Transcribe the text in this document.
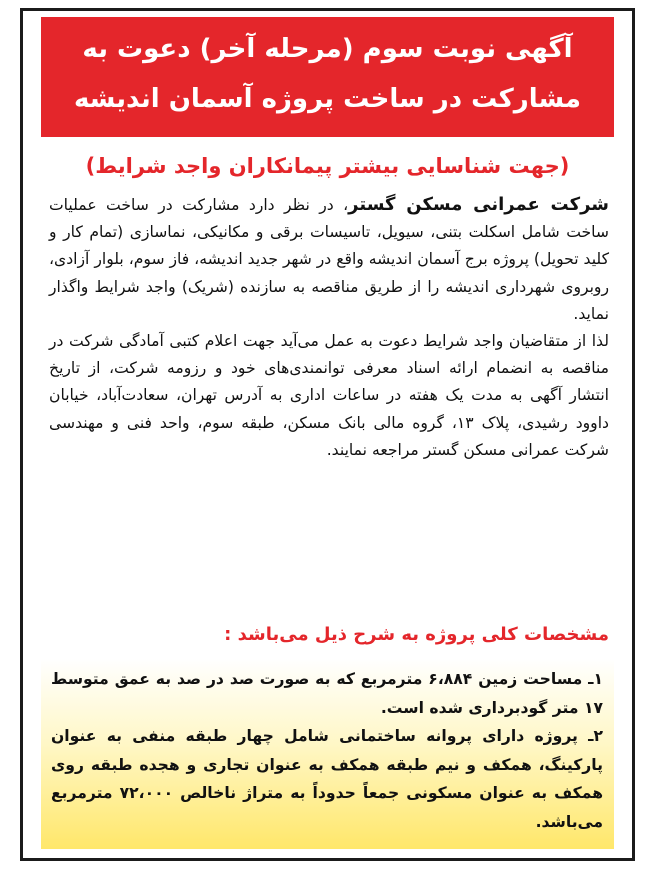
آگهی نوبت سوم (مرحله آخر) دعوت به
مشارکت در ساخت پروژه آسمان اندیشه
(جهت شناسایی بیشتر پیمانکاران واجد شرایط)

شرکت عمرانی مسکن گستر، در نظر دارد مشارکت در ساخت عملیات ساخت شامل اسکلت بتنی، سیویل، تاسیسات برقی و مکانیکی، نماسازی (تمام کار و کلید تحویل) پروژه برج آسمان اندیشه واقع در شهر جدید اندیشه، فاز سوم، بلوار آزادی، روبروی شهرداری اندیشه را از طریق مناقصه به سازنده (شریک) واجد شرایط واگذار نماید.

لذا از متقاضیان واجد شرایط دعوت به عمل می‌آید جهت اعلام کتبی آمادگی شرکت در مناقصه به انضمام ارائه اسناد معرفی توانمندی‌های خود و رزومه شرکت، از تاریخ انتشار آگهی به مدت یک هفته در ساعات اداری به آدرس تهران، سعادت‌آباد، خیابان داوود رشیدی، پلاک ۱۳، گروه مالی بانک مسکن، طبقه سوم، واحد فنی و مهندسی شرکت عمرانی مسکن گستر مراجعه نمایند.

مشخصات کلی پروژه به شرح ذیل می‌باشد :

۱ـ مساحت زمین ۶،۸۸۴ مترمربع که به صورت صد در صد به عمق متوسط ۱۷ متر گودبرداری شده است.

۲ـ پروژه دارای پروانه ساختمانی شامل چهار طبقه منفی به عنوان پارکینگ، همکف و نیم طبقه همکف به عنوان تجاری و هجده طبقه روی همکف به عنوان مسکونی جمعاً حدوداً به متراژ ناخالص ۷۲،۰۰۰ مترمربع می‌باشد.
